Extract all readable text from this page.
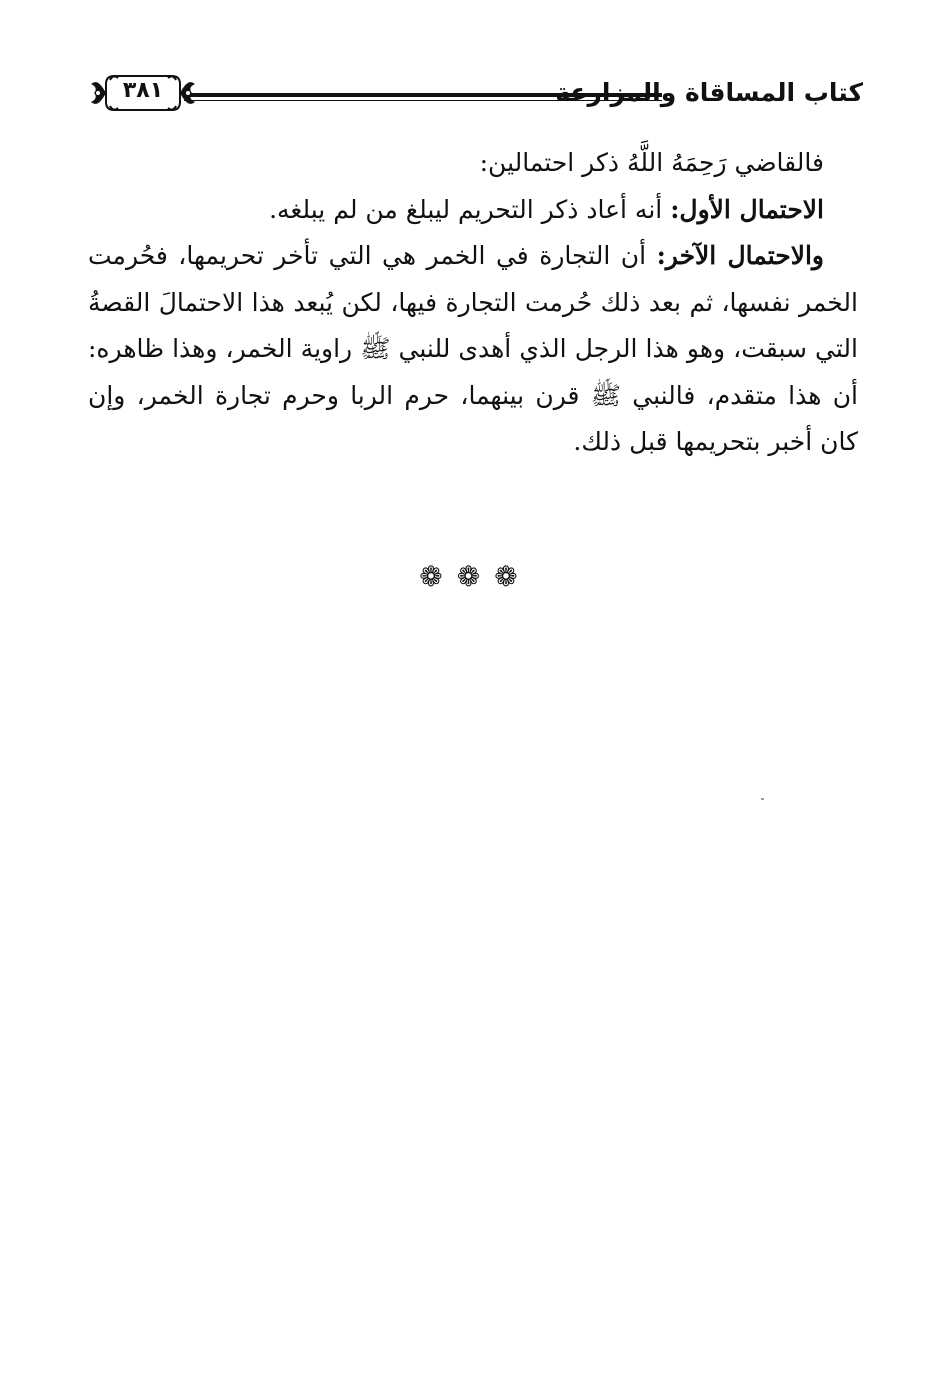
كتاب المساقاة والمزارعة
٣٨١

فالقاضي رَحِمَهُ اللَّهُ ذكر احتمالين:

الاحتمال الأول: أنه أعاد ذكر التحريم ليبلغ من لم يبلغه.

والاحتمال الآخر: أن التجارة في الخمر هي التي تأخر تحريمها، فحُرمت الخمر نفسها، ثم بعد ذلك حُرمت التجارة فيها، لكن يُبعد هذا الاحتمالَ القصةُ التي سبقت، وهو هذا الرجل الذي أهدى للنبي ﷺ راوية الخمر، وهذا ظاهره: أن هذا متقدم، فالنبي ﷺ قرن بينهما، حرم الربا وحرم تجارة الخمر، وإن كان أخبر بتحريمها قبل ذلك.

❁❁❁
